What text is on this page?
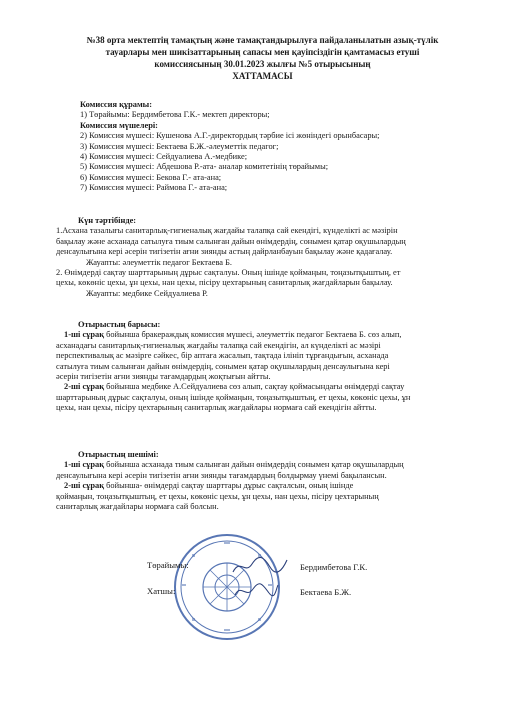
№38 орта мектептің тамақтың және тамақтандырылуға пайдаланылатын азық-түлік
тауарлары мен шикізаттарының сапасы мен қауіпсіздігін қамтамасыз етуші
комиссиясының 30.01.2023 жылғы №5 отырысының
ХАТТАМАСЫ
Комиссия құрамы:
1) Төрайымы: Бердимбетова Г.К.- мектеп директоры;
Комиссия мүшелері:
2) Комиссия мүшесі: Кушенова А.Г.-директордың тәрбие ісі жөніндегі орынбасары;
3) Комиссия мүшесі: Бектаева Б.Ж.-әлеуметтік педагог;
4) Комиссия мүшесі: Сейдуалиева А.-медбике;
5) Комиссия мүшесі: Абдешова Р.-ата- аналар комитетінің төрайымы;
6) Комиссия мүшесі: Бекова Г.- ата-ана;
7) Комиссия мүшесі: Раймова Г.- ата-ана;
Күн тәртібінде:
1.Асхана тазалығы санитарлық-гигиеналық жағдайы талапқа сай екендігі, күнделікті ас мәзірін
бақылау және асханада сатылуға тиым салынған дайын өнімдердің, сонымен қатар оқушылардың
денсаулығына кері әсерін тигізетін ағни зиянды астың дайрланбауын бақылау және қадағалау.
Жауапты: әлеуметтік педагог Бектаева Б.
2. Өнімдерді сақтау шарттарының дұрыс сақталуы. Оның ішінде қоймаңын, тоңазытқыштың, ет
цехы, көкөніс цехы, ұн цехы, нан цехы, пісіру цехтарының санитарлық жағдайларын бақылау.
Жауапты: медбике Сейдуалиева Р.
Отырыстың барысы:
1-ші сұрақ бойынша бракераждық комиссия мүшесі, әлеуметтік педагог Бектаева Б. сөз алып,
асханадағы санитарлық-гигиеналық жағдайы талапқа сай екендігін, ал күнделікті ас мәзірі
перспективалық ас мәзірге сәйкес, бір аптаға жасалып, тақтада ілініп тұрғандығын, асханада
сатылуға тиым салынған дайын өнімдердің, сонымен қатар оқушылардың денсаулығына кері
әсерін тигізетін ағни зиянды тағамдардың жоқтығын айтты.
2-ші сұрақ бойынша медбике А.Сейдуалиева сөз алып, сақтау қоймасындағы өнімдерді сақтау
шарттарының дұрыс сақталуы, оның ішінде қоймаңын, тоңазытқыштың, ет цехы, көкөніс цехы, ұн
цехы, нан цехы, пісіру цехтарының санитарлық жағдайлары нормаға сай екендігін айтты.
Отырыстың шешімі:
1-ші сұрақ бойынша асханада тиым салынған дайын өнімдердің сонымен қатар оқушылардың
денсаулығына кері әсерін тигізетін ағни зиянды тағамдардың болдырмау үнемі бақылансын.
2-ші сұрақ бойынша- өнімдерді сақтау шарттары дұрыс сақталсын, оның ішінде
қоймаңын, тоңазытқыштың, ет цехы, көкөніс цехы, ұн цехы, нан цехы, пісіру цехтарының
санитарлық жағдайлары нормаға сай болсын.
Төрайымы:	Бердимбетова Г.К.
Хатшы:	Бектаева Б.Ж.
